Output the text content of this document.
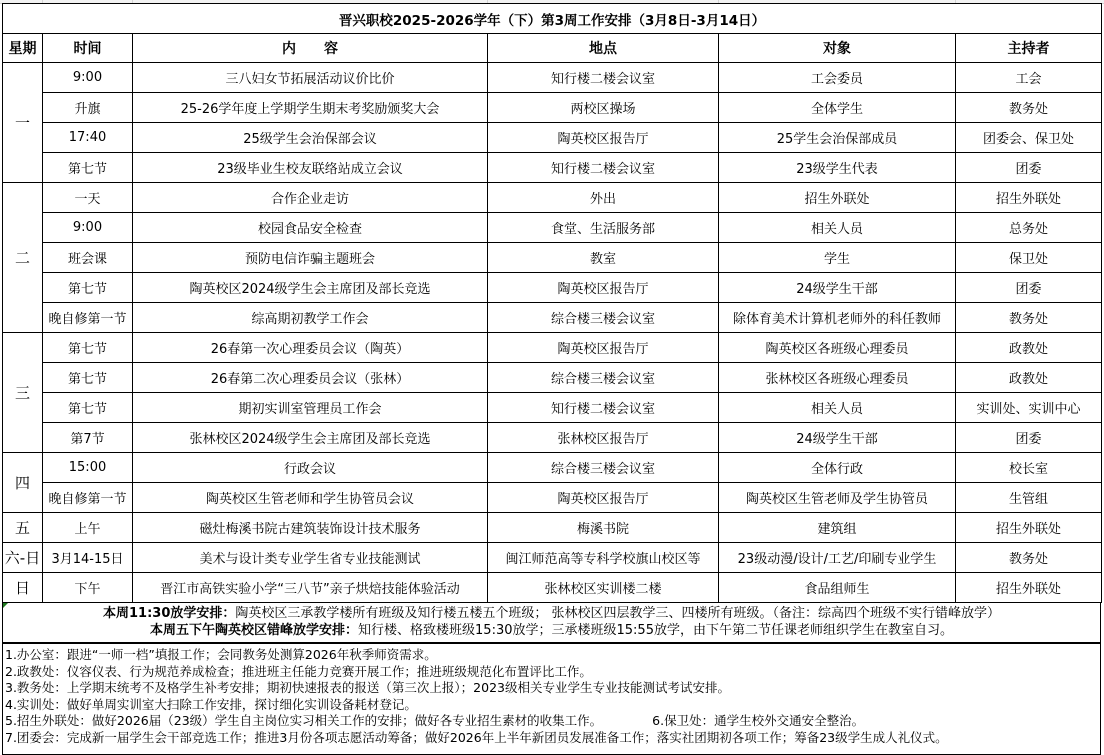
晋兴职校2025-2026学年（下）第3周工作安排（3月8日-3月14日）					
星期	时间	内　　容	地点	对象	主持者
一	9:00	三八妇女节拓展活动议价比价	知行楼二楼会议室	工会委员	工会
	升旗	25-26学年度上学期学生期末考奖励颁奖大会	两校区操场	全体学生	教务处
	17:40	25级学生会治保部会议	陶英校区报告厅	25学生会治保部成员	团委会、保卫处
	第七节	23级毕业生校友联络站成立会议	知行楼二楼会议室	23级学生代表	团委
二	一天	合作企业走访	外出	招生外联处	招生外联处
	9:00	校园食品安全检查	食堂、生活服务部	相关人员	总务处
	班会课	预防电信诈骗主题班会	教室	学生	保卫处
	第七节	陶英校区2024级学生会主席团及部长竞选	陶英校区报告厅	24级学生干部	团委
	晚自修第一节	综高期初教学工作会	综合楼三楼会议室	除体育美术计算机老师外的科任教师	教务处
三	第七节	26春第一次心理委员会议（陶英）	陶英校区报告厅	陶英校区各班级心理委员	政教处
	第七节	26春第二次心理委员会议（张林）	综合楼三楼会议室	张林校区各班级心理委员	政教处
	第七节	期初实训室管理员工作会	知行楼二楼会议室	相关人员	实训处、实训中心
	第7节	张林校区2024级学生会主席团及部长竞选	张林校区报告厅	24级学生干部	团委
四	15:00	行政会议	综合楼三楼会议室	全体行政	校长室
	晚自修第一节	陶英校区生管老师和学生协管员会议	陶英校区报告厅	陶英校区生管老师及学生协管员	生管组
五	上午	磁灶梅溪书院古建筑装饰设计技术服务	梅溪书院	建筑组	招生外联处
六-日	3月14-15日	美术与设计类专业学生省专业技能测试	闽江师范高等专科学校旗山校区等	23级动漫/设计/工艺/印刷专业学生	教务处
日	下午	晋江市高铁实验小学“三八节”亲子烘焙技能体验活动	张林校区实训楼二楼	食品组师生	招生外联处
本周11:30放学安排：陶英校区三承教学楼所有班级及知行楼五楼五个班级； 张林校区四层教学三、四楼所有班级。（备注：综高四个班级不实行错峰放学）
本周五下午陶英校区错峰放学安排：知行楼、格致楼班级15:30放学；三承楼班级15:55放学，由下午第二节任课老师组织学生在教室自习。
1.办公室：跟进“一师一档”填报工作；会同教务处测算2026年秋季师资需求。
2.政教处：仪容仪表、行为规范养成检查；推进班主任能力竞赛开展工作；推进班级规范化布置评比工作。
3.教务处：上学期末统考不及格学生补考安排；期初快速报表的报送（第三次上报）；2023级相关专业学生专业技能测试考试安排。
4.实训处：做好单周实训室大扫除工作安排，探讨细化实训设备耗材登记。
5.招生外联处：做好2026届（23级）学生自主岗位实习相关工作的安排；做好各专业招生素材的收集工作。	6.保卫处：通学生校外交通安全整治。
7.团委会：完成新一届学生会干部竞选工作；推进3月份各项志愿活动筹备；做好2026年上半年新团员发展准备工作；落实社团期初各项工作；筹备23级学生成人礼仪式。
